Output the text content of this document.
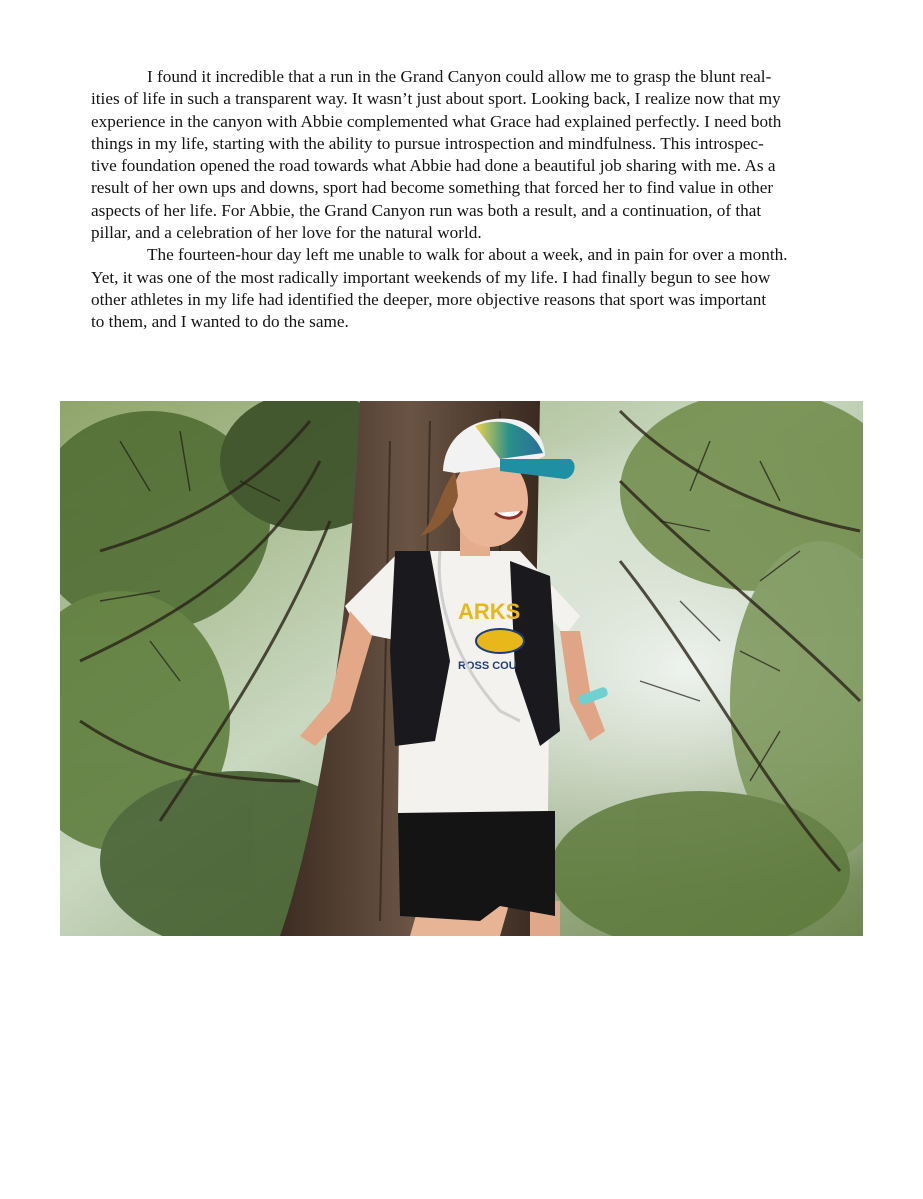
I found it incredible that a run in the Grand Canyon could allow me to grasp the blunt real-
ities of life in such a transparent way. It wasn’t just about sport. Looking back, I realize now that my
experience in the canyon with Abbie complemented what Grace had explained perfectly. I need both
things in my life, starting with the ability to pursue introspection and mindfulness. This introspec-
tive foundation opened the road towards what Abbie had done a beautiful job sharing with me. As a
result of her own ups and downs, sport had become something that forced her to find value in other
aspects of her life. For Abbie, the Grand Canyon run was both a result, and a continuation, of that
pillar, and a celebration of her love for the natural world.

The fourteen-hour day left me unable to walk for about a week, and in pain for over a month.
Yet, it was one of the most radically important weekends of my life. I had finally begun to see how
other athletes in my life had identified the deeper, more objective reasons that sport was important
to them, and I wanted to do the same.

ARKS
ROSS COU
